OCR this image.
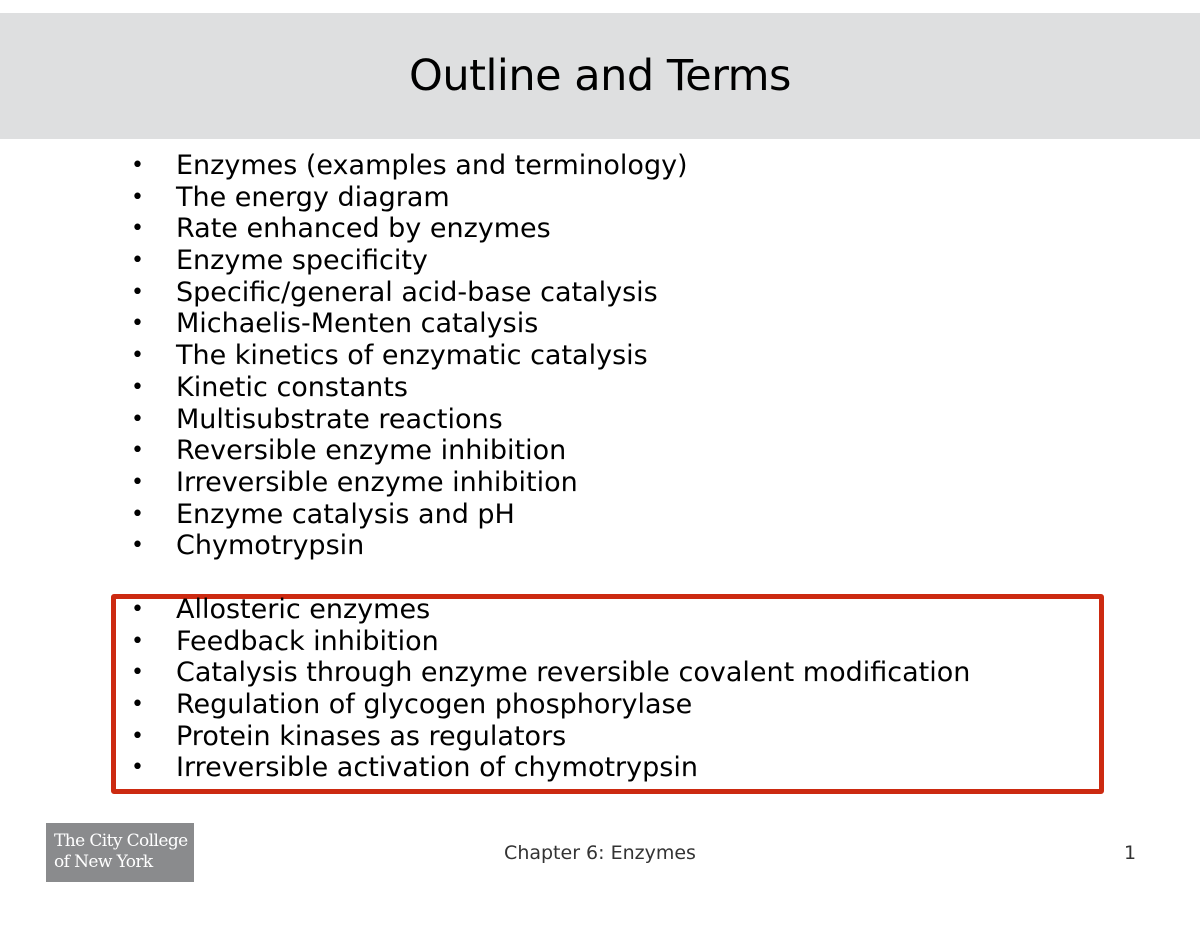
Outline and Terms
• Enzymes (examples and terminology)
• The energy diagram
• Rate enhanced by enzymes
• Enzyme specificity
• Specific/general acid-base catalysis
• Michaelis-Menten catalysis
• The kinetics of enzymatic catalysis
• Kinetic constants
• Multisubstrate reactions
• Reversible enzyme inhibition
• Irreversible enzyme inhibition
• Enzyme catalysis and pH
• Chymotrypsin
• Allosteric enzymes
• Feedback inhibition
• Catalysis through enzyme reversible covalent modification
• Regulation of glycogen phosphorylase
• Protein kinases as regulators
• Irreversible activation of chymotrypsin
The City College
of New York	Chapter 6: Enzymes	1
